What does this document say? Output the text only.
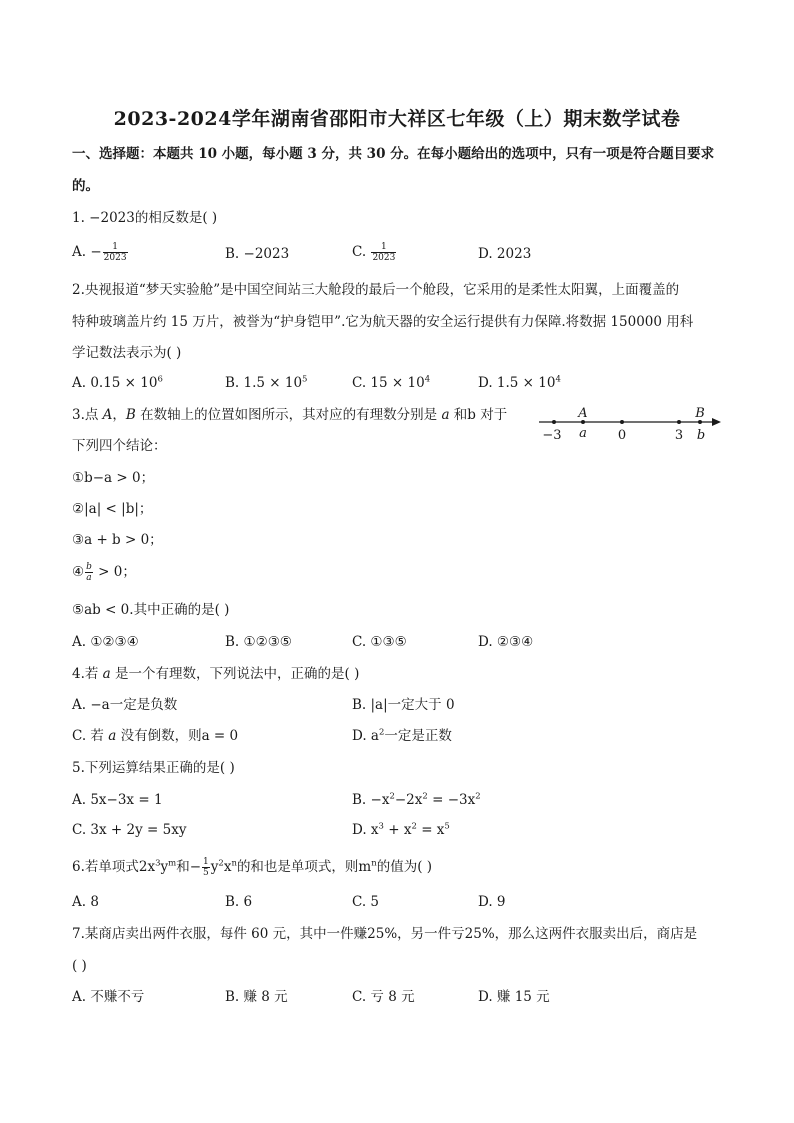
2023-2024学年湖南省邵阳市大祥区七年级（上）期末数学试卷
一、选择题：本题共 10 小题，每小题 3 分，共 30 分。在每小题给出的选项中，只有一项是符合题目要求
的。
1. −2023的相反数是( )
A. − $\frac{1}{2023}$	B. −2023	C. $\frac{1}{2023}$	D. 2023
2.央视报道“梦天实验舱”是中国空间站三大舱段的最后一个舱段，它采用的是柔性太阳翼，上面覆盖的
特种玻璃盖片约 15 万片，被誉为“护身铠甲”.它为航天器的安全运行提供有力保障.将数据 150000 用科
学记数法表示为( )
A. $0.15 \times 10^6$	B. $1.5 \times 10^5$	C. $15 \times 10^4$	D. $1.5 \times 10^4$
3.点 A，B 在数轴上的位置如图所示，其对应的有理数分别是 a 和b 对于
下列四个结论：
A	B
−3 a 0	3 b
①b−a > 0；
②|a| < |b|；
③a + b > 0；
④ $\frac{b}{a} > 0$；
⑤ab < 0.其中正确的是( )
A. ①②③④	B. ①②③⑤	C. ①③⑤	D. ②③④
4.若 a 是一个有理数，下列说法中，正确的是( )
A. −a一定是负数	B. |a|一定大于 0
C. 若 a 没有倒数，则a = 0	D. $a^2$一定是正数
5.下列运算结果正确的是( )
A. 5x−3x = 1	B. $-x^2-2x^2 = -3x^2$
C. 3x + 2y = 5xy	D. $x^3 + x^2 = x^5$
6.若单项式$2x^3y^m$和− $\frac{1}{5} y^2x^n$的和也是单项式，则$m^n$的值为( )
A. 8	B. 6	C. 5	D. 9
7.某商店卖出两件衣服，每件 60 元，其中一件赚25%，另一件亏25%，那么这两件衣服卖出后，商店是
( )
A. 不赚不亏	B. 赚 8 元	C. 亏 8 元	D. 赚 15 元
